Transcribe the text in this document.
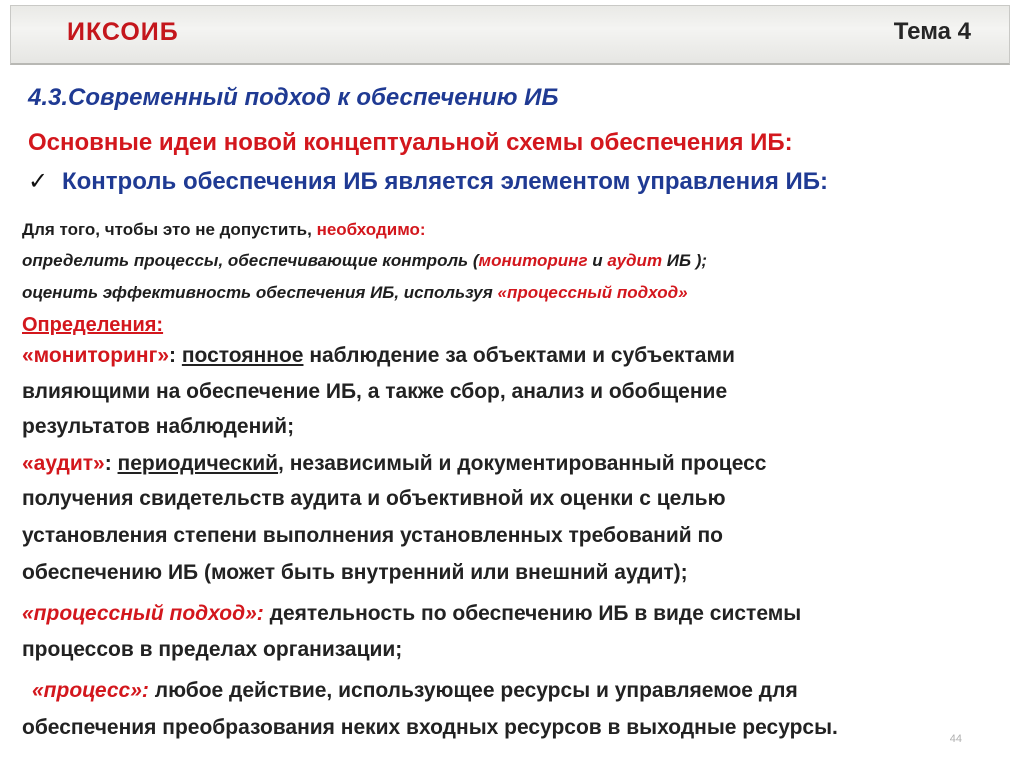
ИКСОИБ	Тема 4
4.3.Современный подход к обеспечению ИБ
Основные идеи новой концептуальной схемы обеспечения ИБ:
✓ Контроль обеспечения ИБ является элементом управления ИБ:
Для того, чтобы это не допустить, необходимо:
определить процессы, обеспечивающие контроль (мониторинг и аудит ИБ );
оценить эффективность обеспечения ИБ, используя «процессный подход»
Определения:
«мониторинг»: постоянное наблюдение за объектами и субъектами
влияющими на обеспечение ИБ, а также сбор, анализ и обобщение
результатов наблюдений;
«аудит»: периодический, независимый и документированный процесс
получения свидетельств аудита и объективной их оценки с целью
установления степени выполнения установленных требований по
обеспечению ИБ (может быть внутренний или внешний аудит);
«процессный подход»: деятельность по обеспечению ИБ в виде системы
процессов в пределах организации;
«процесс»: любое действие, использующее ресурсы и управляемое для
обеспечения преобразования неких входных ресурсов в выходные ресурсы.	44
